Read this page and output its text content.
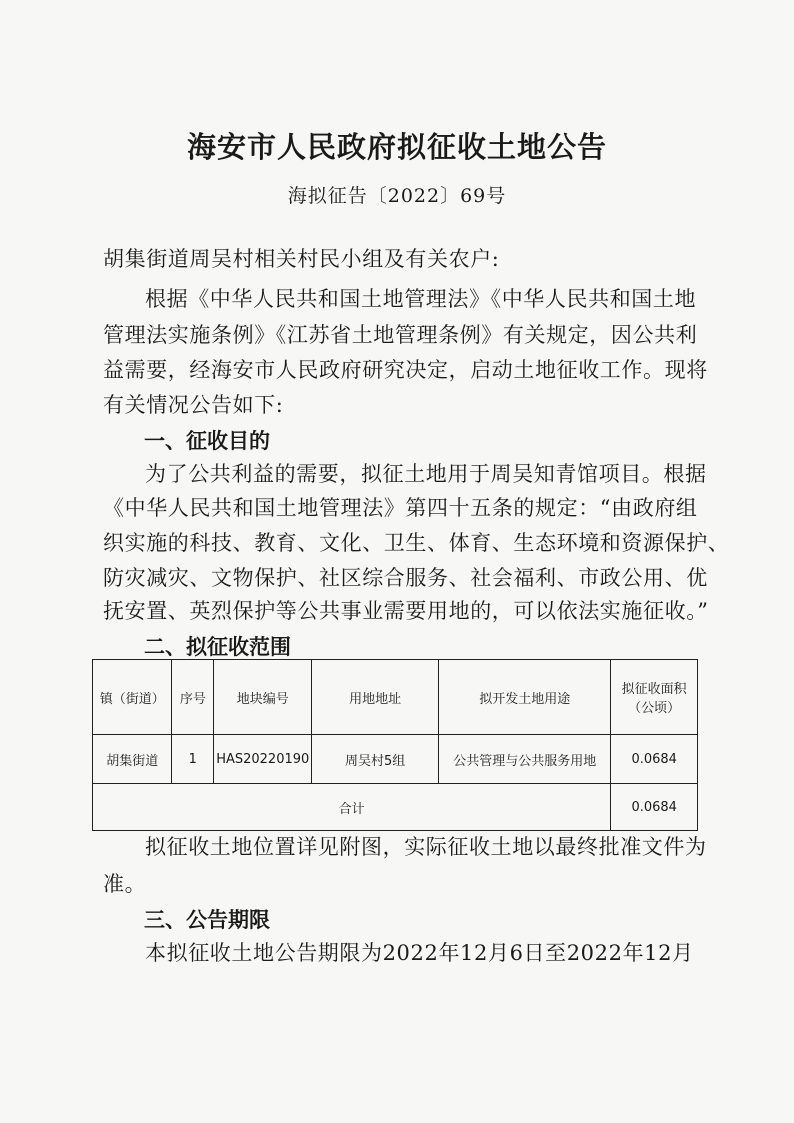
海安市人民政府拟征收土地公告
海拟征告〔2022〕69号
胡集街道周吴村相关村民小组及有关农户:
根据《中华人民共和国土地管理法》《中华人民共和国土地
管理法实施条例》《江苏省土地管理条例》有关规定，因公共利
益需要，经海安市人民政府研究决定，启动土地征收工作。现将
有关情况公告如下:
一、征收目的
为了公共利益的需要，拟征土地用于周吴知青馆项目。根据
《中华人民共和国土地管理法》第四十五条的规定：“由政府组
织实施的科技、教育、文化、卫生、体育、生态环境和资源保护、
防灾减灾、文物保护、社区综合服务、社会福利、市政公用、优
抚安置、英烈保护等公共事业需要用地的，可以依法实施征收。”
二、拟征收范围
镇（街道）	序号	地块编号	用地地址	拟开发土地用途	拟征收面积
（公顷）

胡集街道	1	HAS20220190	周吴村5组	公共管理与公共服务用地	0.0684
合计					0.0684
拟征收土地位置详见附图，实际征收土地以最终批准文件为
准。
三、公告期限
本拟征收土地公告期限为2022年12月6日至2022年12月
